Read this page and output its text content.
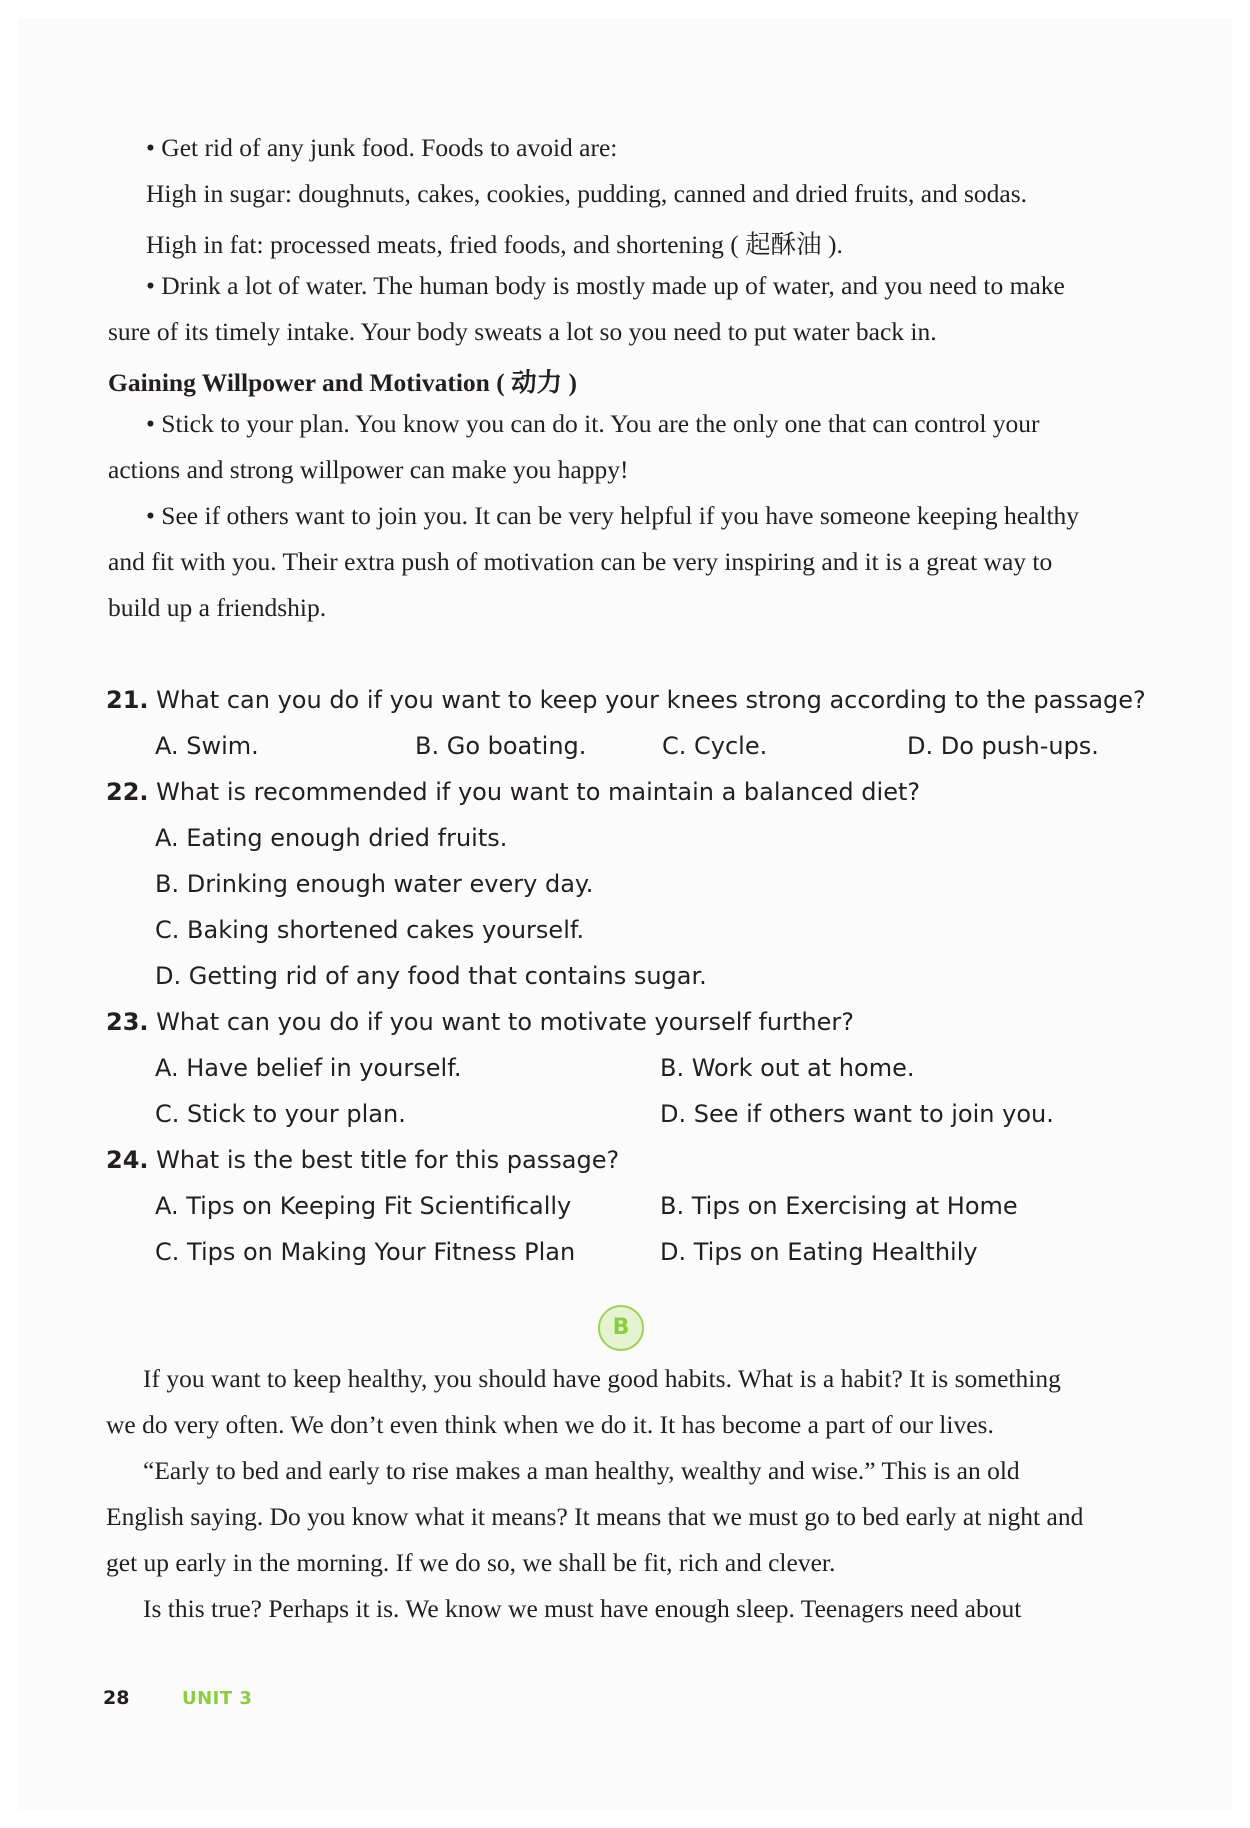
• Get rid of any junk food. Foods to avoid are:
High in sugar: doughnuts, cakes, cookies, pudding, canned and dried fruits, and sodas.
High in fat: processed meats, fried foods, and shortening ( 起酥油 ).
• Drink a lot of water. The human body is mostly made up of water, and you need to make
sure of its timely intake. Your body sweats a lot so you need to put water back in.
Gaining Willpower and Motivation ( 动力 )
• Stick to your plan. You know you can do it. You are the only one that can control your
actions and strong willpower can make you happy!
• See if others want to join you. It can be very helpful if you have someone keeping healthy
and fit with you. Their extra push of motivation can be very inspiring and it is a great way to
build up a friendship.
21. What can you do if you want to keep your knees strong according to the passage?
A. Swim.	B. Go boating.	C. Cycle.	D. Do push-ups.
22. What is recommended if you want to maintain a balanced diet?
A. Eating enough dried fruits.
B. Drinking enough water every day.
C. Baking shortened cakes yourself.
D. Getting rid of any food that contains sugar.
23. What can you do if you want to motivate yourself further?
A. Have belief in yourself.	B. Work out at home.
C. Stick to your plan.	D. See if others want to join you.
24. What is the best title for this passage?
A. Tips on Keeping Fit Scientifically	B. Tips on Exercising at Home
C. Tips on Making Your Fitness Plan	D. Tips on Eating Healthily
B
If you want to keep healthy, you should have good habits. What is a habit? It is something
we do very often. We don’t even think when we do it. It has become a part of our lives.
“Early to bed and early to rise makes a man healthy, wealthy and wise.” This is an old
English saying. Do you know what it means? It means that we must go to bed early at night and
get up early in the morning. If we do so, we shall be fit, rich and clever.
Is this true? Perhaps it is. We know we must have enough sleep. Teenagers need about
28	UNIT 3
